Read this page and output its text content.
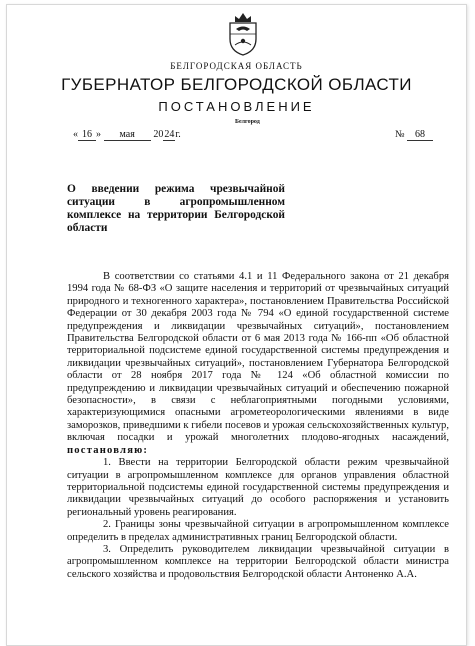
БЕЛГОРОДСКАЯ ОБЛАСТЬ
ГУБЕРНАТОР БЕЛГОРОДСКОЙ ОБЛАСТИ
ПОСТАНОВЛЕНИЕ
Белгород
« 16 » мая 2024г.	№ 68
О введении режима чрезвычайной ситуации в агропромышленном комплексе на территории Белгородской области

В соответствии со статьями 4.1 и 11 Федерального закона от 21 декабря 1994 года № 68-ФЗ «О защите населения и территорий от чрезвычайных ситуаций природного и техногенного характера», постановлением Правительства Российской Федерации от 30 декабря 2003 года № 794 «О единой государственной системе предупреждения и ликвидации чрезвычайных ситуаций», постановлением Правительства Белгородской области от 6 мая 2013 года № 166-пп «Об областной территориальной подсистеме единой государственной системы предупреждения и ликвидации чрезвычайных ситуаций», постановлением Губернатора Белгородской области от 28 ноября 2017 года № 124 «Об областной комиссии по предупреждению и ликвидации чрезвычайных ситуаций и обеспечению пожарной безопасности», в связи с неблагоприятными погодными условиями, характеризующимися опасными агрометеорологическими явлениями в виде заморозков, приведшими к гибели посевов и урожая сельскохозяйственных культур, включая посадки и урожай многолетних плодово-ягодных насаждений, постановляю:

1. Ввести на территории Белгородской области режим чрезвычайной ситуации в агропромышленном комплексе для органов управления областной территориальной подсистемы единой государственной системы предупреждения и ликвидации чрезвычайных ситуаций до особого распоряжения и установить региональный уровень реагирования.

2. Границы зоны чрезвычайной ситуации в агропромышленном комплексе определить в пределах административных границ Белгородской области.

3. Определить руководителем ликвидации чрезвычайной ситуации в агропромышленном комплексе на территории Белгородской области министра сельского хозяйства и продовольствия Белгородской области Антоненко А.А.
